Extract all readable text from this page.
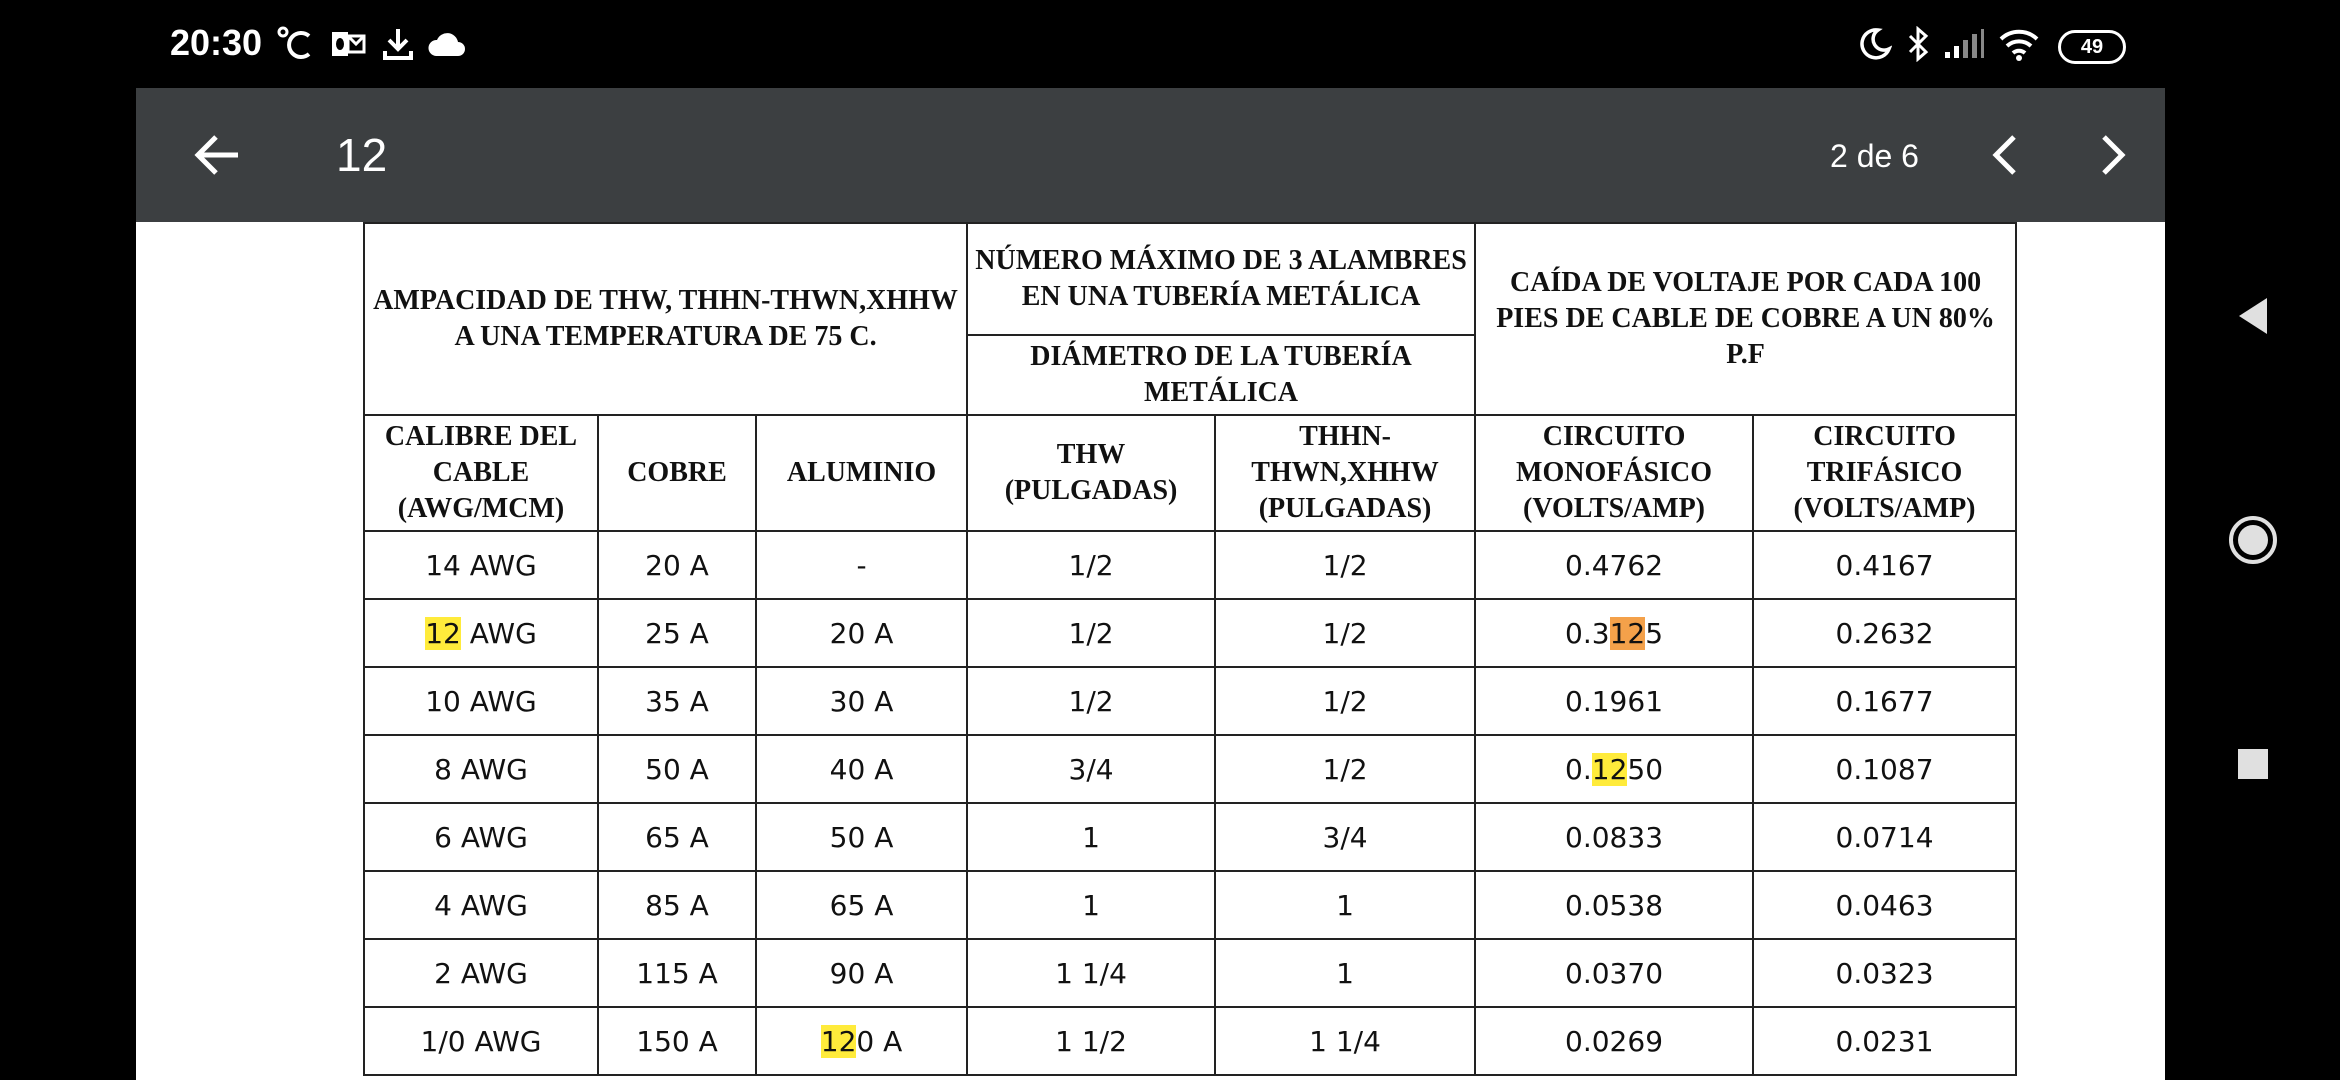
20:30	49
12	2 de 6
AMPACIDAD DE THW, THHN-THWN,XHHW A UNA TEMPERATURA DE 75 C.			NÚMERO MÁXIMO DE 3 ALAMBRES EN UNA TUBERÍA METÁLICA		CAÍDA DE VOLTAJE POR CADA 100 PIES DE CABLE DE COBRE A UN 80% P.F	
			DIÁMETRO DE LA TUBERÍA METÁLICA			
CALIBRE DEL CABLE (AWG/MCM)	COBRE	ALUMINIO	THW (PULGADAS)	THHN-THWN,XHHW (PULGADAS)	CIRCUITO MONOFÁSICO (VOLTS/AMP)	CIRCUITO TRIFÁSICO (VOLTS/AMP)
14 AWG	20 A	-	1/2	1/2	0.4762	0.4167
12 AWG	25 A	20 A	1/2	1/2	0.3125	0.2632
10 AWG	35 A	30 A	1/2	1/2	0.1961	0.1677
8 AWG	50 A	40 A	3/4	1/2	0.1250	0.1087
6 AWG	65 A	50 A	1	3/4	0.0833	0.0714
4 AWG	85 A	65 A	1	1	0.0538	0.0463
2 AWG	115 A	90 A	1 1/4	1	0.0370	0.0323
1/0 AWG	150 A	120 A	1 1/2	1 1/4	0.0269	0.0231
